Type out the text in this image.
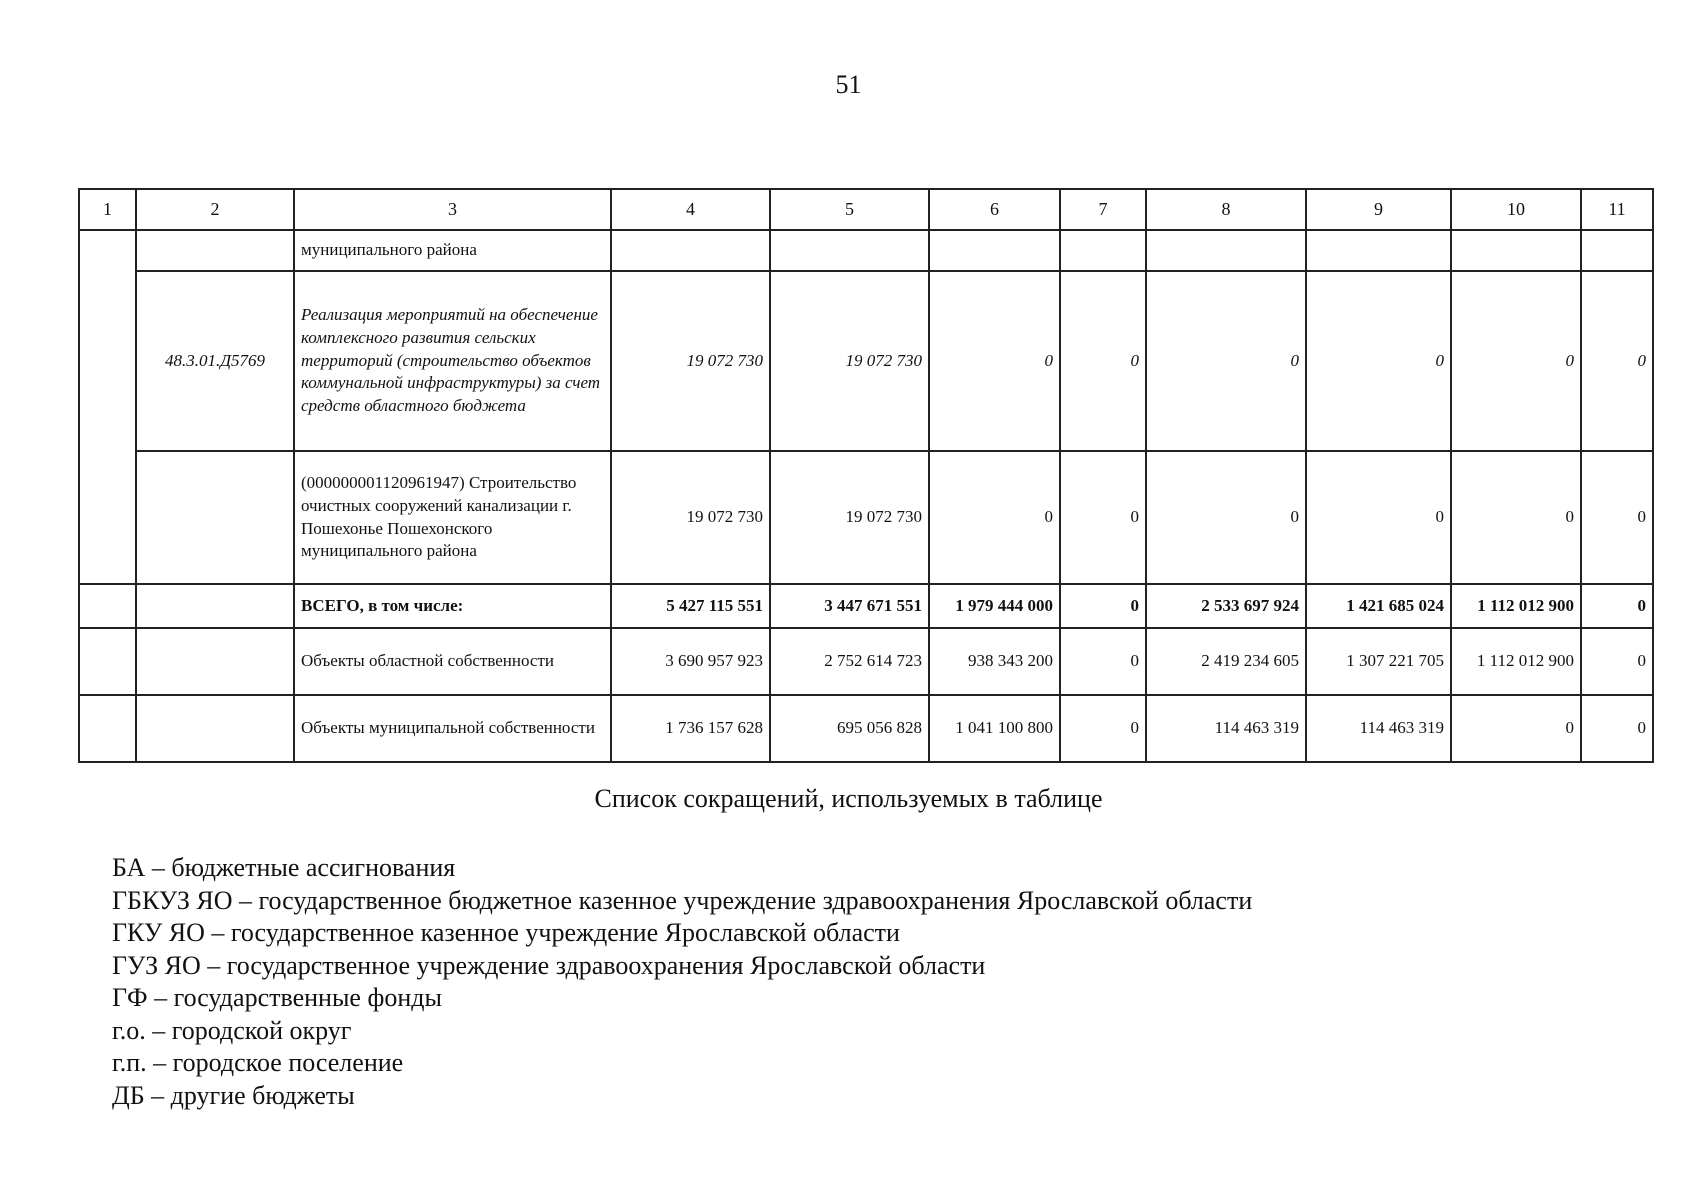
51
1	2	3	4	5	6	7	8	9	10	11
		муниципального района								
	48.3.01.Д5769	Реализация мероприятий на обеспечение комплексного развития сельских территорий (строительство объектов коммунальной инфраструктуры) за счет средств областного бюджета	19 072 730	19 072 730	0	0	0	0	0	0
		(000000001120961947) Строительство очистных сооружений канализации г. Пошехонье Пошехонского муниципального района	19 072 730	19 072 730	0	0	0	0	0	0
		ВСЕГО, в том числе:	5 427 115 551	3 447 671 551	1 979 444 000	0	2 533 697 924	1 421 685 024	1 112 012 900	0
		Объекты областной собственности	3 690 957 923	2 752 614 723	938 343 200	0	2 419 234 605	1 307 221 705	1 112 012 900	0
		Объекты муниципальной собственности	1 736 157 628	695 056 828	1 041 100 800	0	114 463 319	114 463 319	0	0
Список сокращений, используемых в таблице
БА – бюджетные ассигнования
ГБКУЗ ЯО – государственное бюджетное казенное учреждение здравоохранения Ярославской области
ГКУ ЯО – государственное казенное учреждение Ярославской области
ГУЗ ЯО – государственное учреждение здравоохранения Ярославской области
ГФ – государственные фонды
г.о. – городской округ
г.п. – городское поселение
ДБ – другие бюджеты
